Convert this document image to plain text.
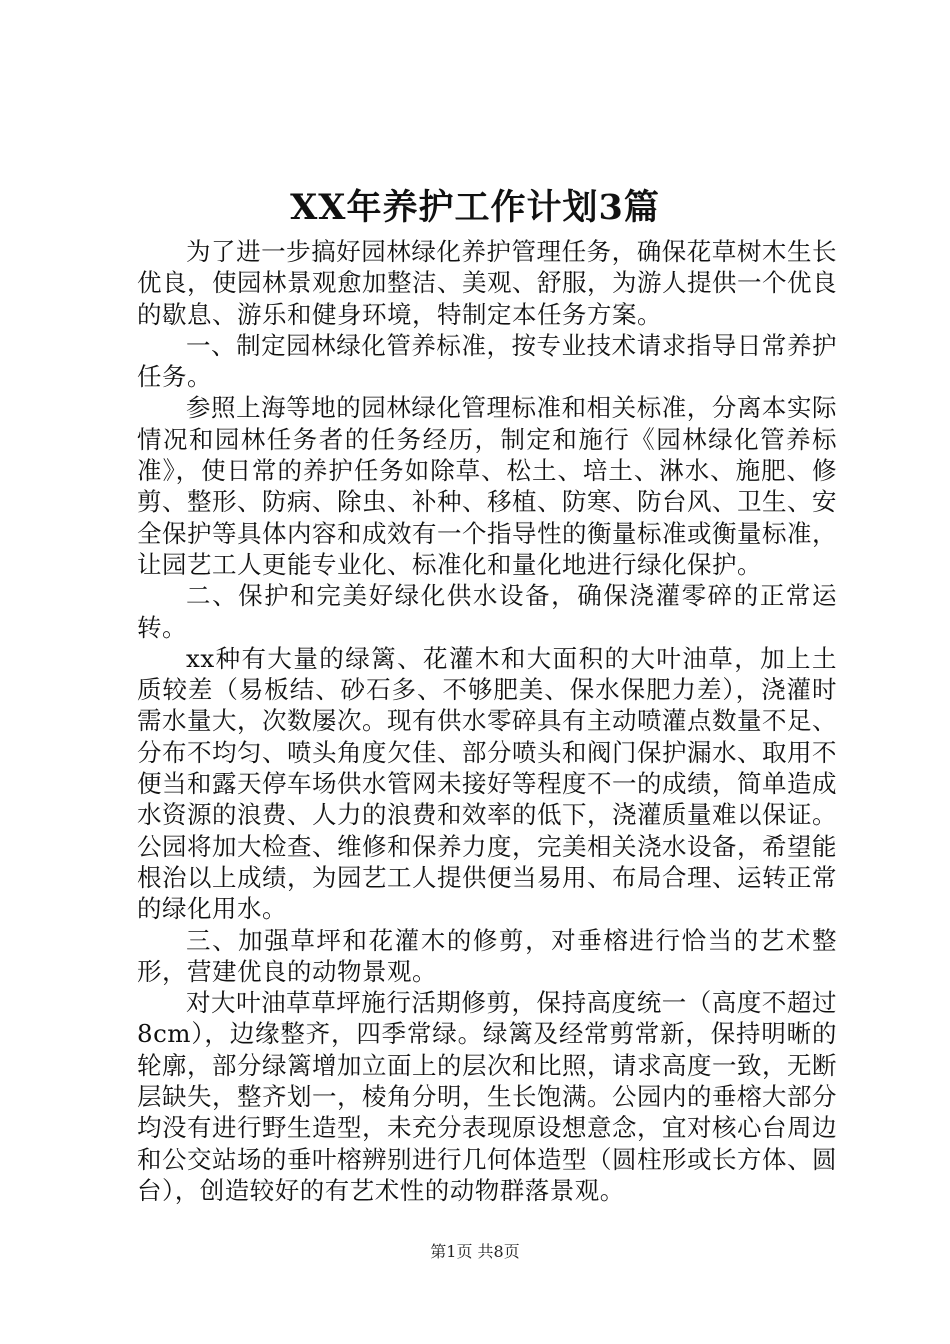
XX年养护工作计划3篇

为了进一步搞好园林绿化养护管理任务，确保花草树木生长优良，使园林景观愈加整洁、美观、舒服，为游人提供一个优良的歇息、游乐和健身环境，特制定本任务方案。

一、制定园林绿化管养标准，按专业技术请求指导日常养护任务。

参照上海等地的园林绿化管理标准和相关标准，分离本实际情况和园林任务者的任务经历，制定和施行《园林绿化管养标准》，使日常的养护任务如除草、松土、培土、淋水、施肥、修剪、整形、防病、除虫、补种、移植、防寒、防台风、卫生、安全保护等具体内容和成效有一个指导性的衡量标准或衡量标准，让园艺工人更能专业化、标准化和量化地进行绿化保护。

二、保护和完美好绿化供水设备，确保浇灌零碎的正常运转。

xx种有大量的绿篱、花灌木和大面积的大叶油草，加上土质较差（易板结、砂石多、不够肥美、保水保肥力差），浇灌时需水量大，次数屡次。现有供水零碎具有主动喷灌点数量不足、分布不均匀、喷头角度欠佳、部分喷头和阀门保护漏水、取用不便当和露天停车场供水管网未接好等程度不一的成绩，简单造成水资源的浪费、人力的浪费和效率的低下，浇灌质量难以保证。公园将加大检查、维修和保养力度，完美相关浇水设备，希望能根治以上成绩，为园艺工人提供便当易用、布局合理、运转正常的绿化用水。

三、加强草坪和花灌木的修剪，对垂榕进行恰当的艺术整形，营建优良的动物景观。

对大叶油草草坪施行活期修剪，保持高度统一（高度不超过8cm），边缘整齐，四季常绿。绿篱及经常剪常新，保持明晰的轮廓，部分绿篱增加立面上的层次和比照，请求高度一致，无断层缺失，整齐划一，棱角分明，生长饱满。公园内的垂榕大部分均没有进行野生造型，未充分表现原设想意念，宜对核心台周边和公交站场的垂叶榕辨别进行几何体造型（圆柱形或长方体、圆台），创造较好的有艺术性的动物群落景观。

第1页 共8页
